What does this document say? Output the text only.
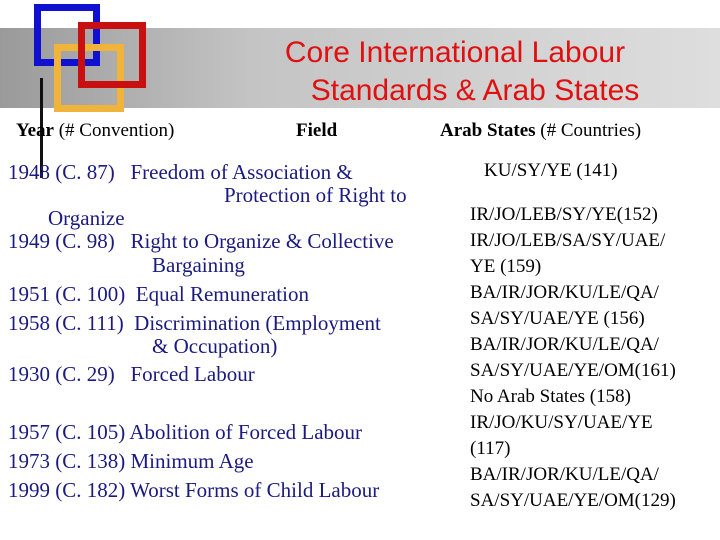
Core International Labour
Standards & Arab States
Year (# Convention)	Field	Arab States (# Countries)
1948 (C. 87)   Freedom of Association &
Protection of Right to
Organize
1949 (C. 98)   Right to Organize & Collective
Bargaining
1951 (C. 100)  Equal Remuneration
1958 (C. 111)  Discrimination (Employment
& Occupation)
1930 (C. 29)   Forced Labour
1957 (C. 105) Abolition of Forced Labour
1973 (C. 138) Minimum Age
1999 (C. 182) Worst Forms of Child Labour
KU/SY/YE (141)
IR/JO/LEB/SY/YE(152)
IR/JO/LEB/SA/SY/UAE/
YE (159)
BA/IR/JOR/KU/LE/QA/
SA/SY/UAE/YE (156)
BA/IR/JOR/KU/LE/QA/
SA/SY/UAE/YE/OM(161)
No Arab States (158)
IR/JO/KU/SY/UAE/YE
(117)
BA/IR/JOR/KU/LE/QA/
SA/SY/UAE/YE/OM(129)
